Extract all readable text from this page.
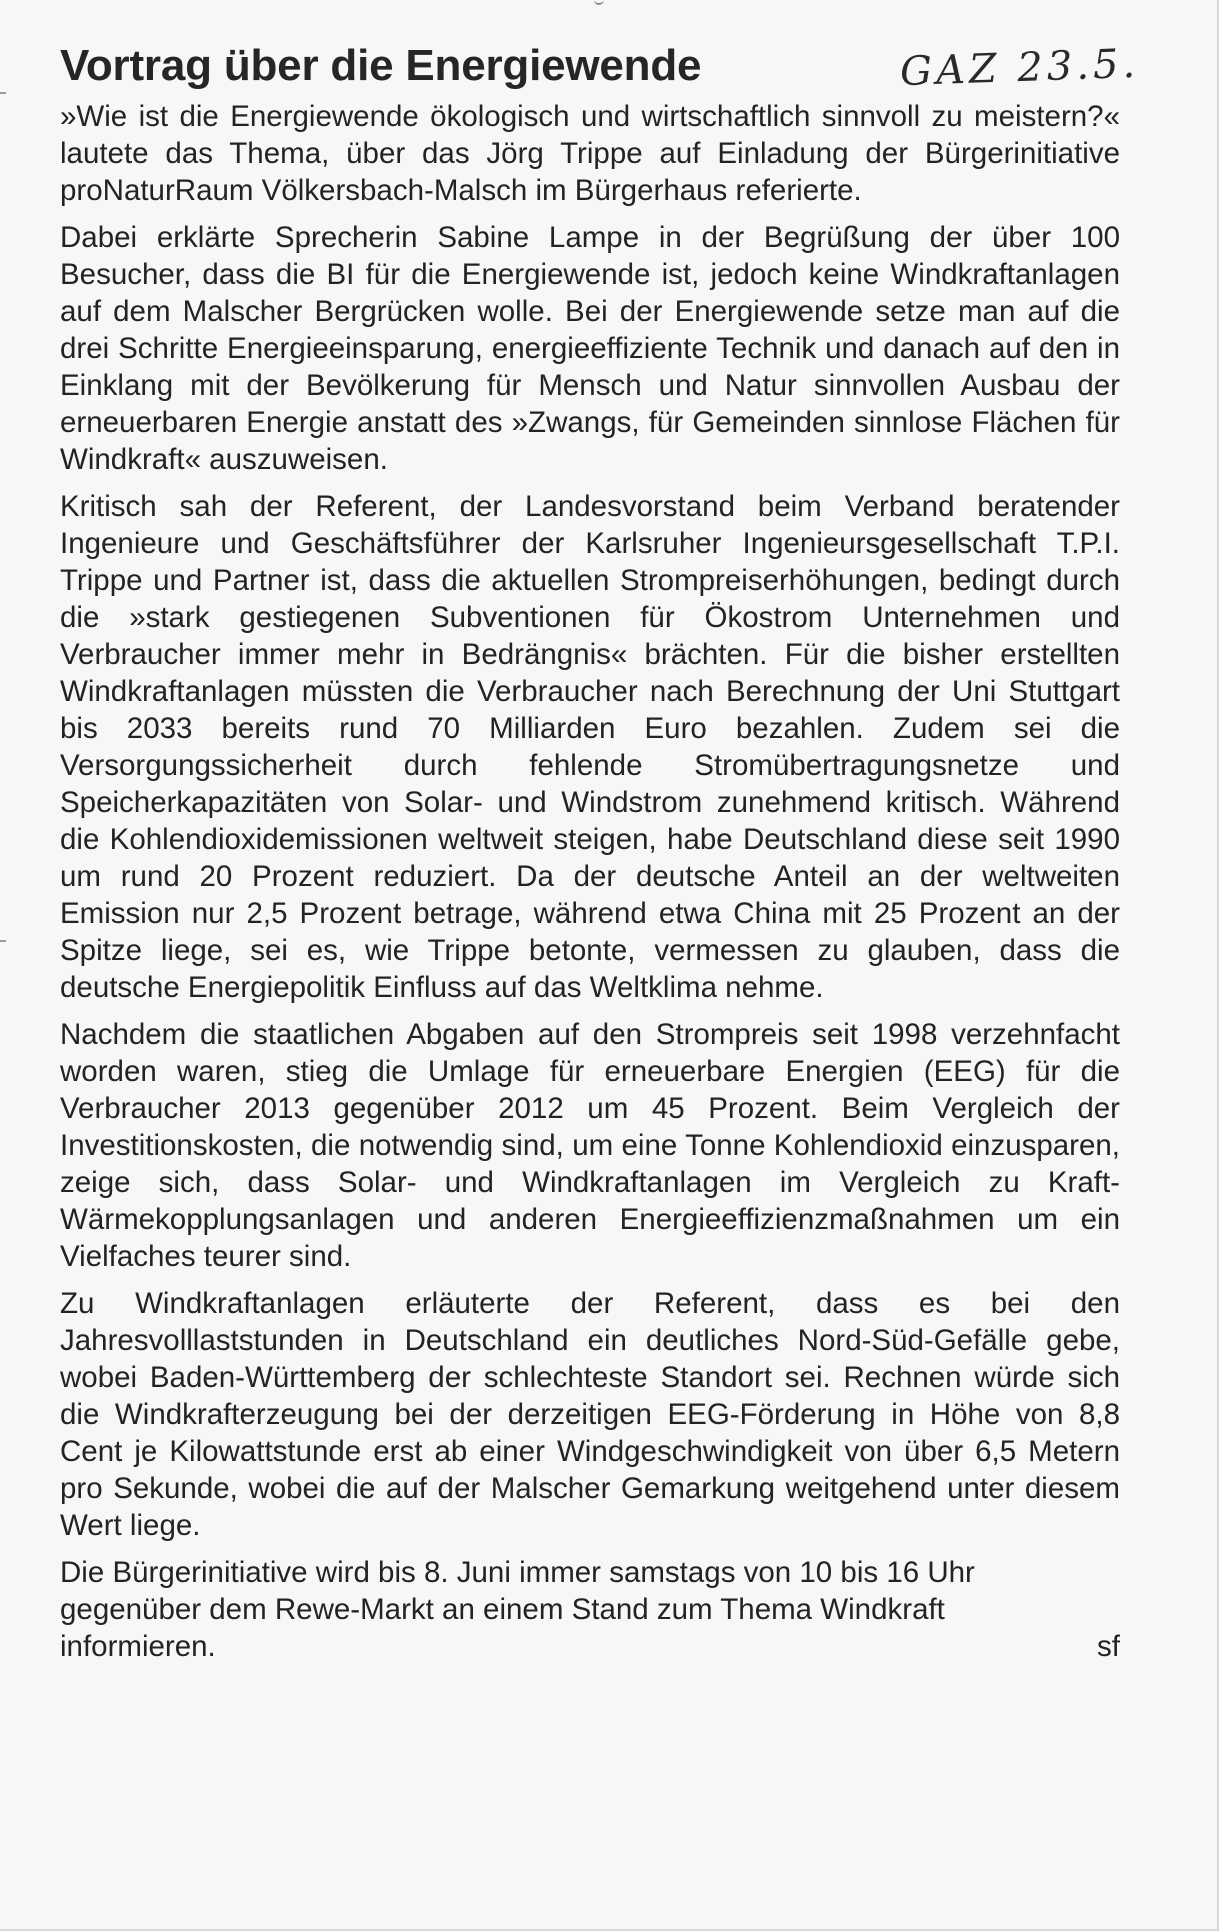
Vortrag über die Energiewende	GAZ 23.5.

»Wie ist die Energiewende ökologisch und wirtschaftlich sinnvoll zu meistern?« lautete das Thema, über das Jörg Trippe auf Einladung der Bürgerinitiative proNaturRaum Völkersbach-Malsch im Bürgerhaus referierte.

Dabei erklärte Sprecherin Sabine Lampe in der Begrüßung der über 100 Besucher, dass die BI für die Energiewende ist, jedoch keine Windkraftanlagen auf dem Malscher Bergrücken wolle. Bei der Energiewende setze man auf die drei Schritte Energieeinsparung, energieeffiziente Technik und danach auf den in Einklang mit der Bevölkerung für Mensch und Natur sinnvollen Ausbau der erneuerbaren Energie anstatt des »Zwangs, für Gemeinden sinnlose Flächen für Windkraft« auszuweisen.

Kritisch sah der Referent, der Landesvorstand beim Verband beratender Ingenieure und Geschäftsführer der Karlsruher Ingenieursgesellschaft T.P.I. Trippe und Partner ist, dass die aktuellen Strompreiserhöhungen, bedingt durch die »stark gestiegenen Subventionen für Ökostrom Unternehmen und Verbraucher immer mehr in Bedrängnis« brächten. Für die bisher erstellten Windkraftanlagen müssten die Verbraucher nach Berechnung der Uni Stuttgart bis 2033 bereits rund 70 Milliarden Euro bezahlen. Zudem sei die Versorgungssicherheit durch fehlende Stromübertragungsnetze und Speicherkapazitäten von Solar- und Windstrom zunehmend kritisch. Während die Kohlendioxidemissionen weltweit steigen, habe Deutschland diese seit 1990 um rund 20 Prozent reduziert. Da der deutsche Anteil an der weltweiten Emission nur 2,5 Prozent betrage, während etwa China mit 25 Prozent an der Spitze liege, sei es, wie Trippe betonte, vermessen zu glauben, dass die deutsche Energiepolitik Einfluss auf das Weltklima nehme.

Nachdem die staatlichen Abgaben auf den Strompreis seit 1998 verzehnfacht worden waren, stieg die Umlage für erneuerbare Energien (EEG) für die Verbraucher 2013 gegenüber 2012 um 45 Prozent. Beim Vergleich der Investitionskosten, die notwendig sind, um eine Tonne Kohlendioxid einzusparen, zeige sich, dass Solar- und Windkraftanlagen im Vergleich zu Kraft-Wärmekopplungsanlagen und anderen Energieeffizienzmaßnahmen um ein Vielfaches teurer sind.

Zu Windkraftanlagen erläuterte der Referent, dass es bei den Jahresvolllaststunden in Deutschland ein deutliches Nord-Süd-Gefälle gebe, wobei Baden-Württemberg der schlechteste Standort sei. Rechnen würde sich die Windkrafterzeugung bei der derzeitigen EEG-Förderung in Höhe von 8,8 Cent je Kilowattstunde erst ab einer Windgeschwindigkeit von über 6,5 Metern pro Sekunde, wobei die auf der Malscher Gemarkung weitgehend unter diesem Wert liege.

Die Bürgerinitiative wird bis 8. Juni immer samstags von 10 bis 16 Uhr gegenüber dem Rewe-Markt an einem Stand zum Thema Windkraft informieren.	sf
